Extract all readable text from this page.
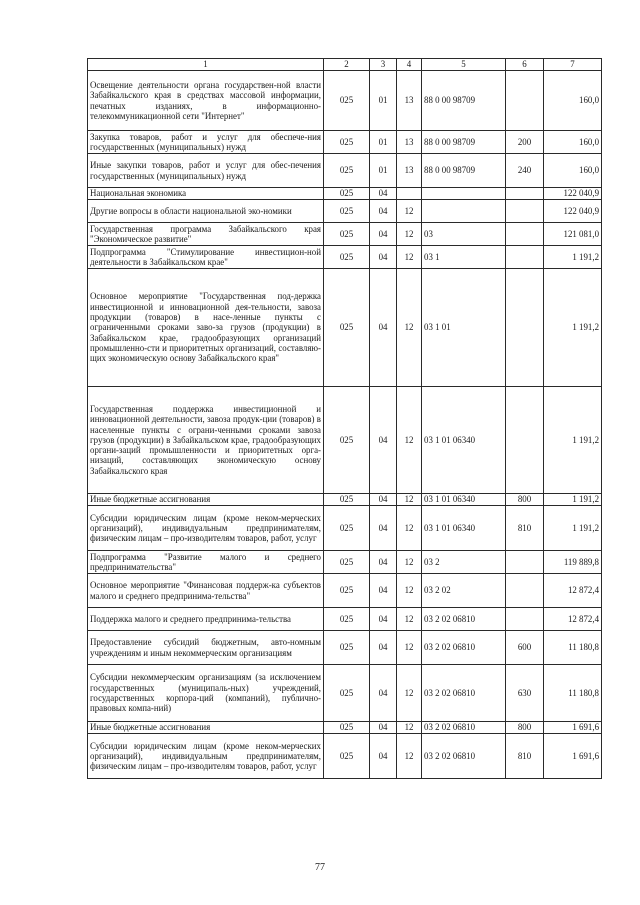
1	2	3	4	5	6	7
Освещение деятельности органа государствен-ной власти Забайкальского края в средствах массовой информации, печатных изданиях, в информационно-телекоммуникационной сети "Интернет"	025	01	13	88 0 00 98709		160,0
Закупка товаров, работ и услуг для обеспече-ния государственных (муниципальных) нужд	025	01	13	88 0 00 98709	200	160,0
Иные закупки товаров, работ и услуг для обес-печения государственных (муниципальных) нужд	025	01	13	88 0 00 98709	240	160,0
Национальная экономика	025	04				122 040,9
Другие вопросы в области национальной эко-номики	025	04	12			122 040,9
Государственная программа Забайкальского края "Экономическое развитие"	025	04	12	03		121 081,0
Подпрограмма "Стимулирование инвестицион-ной деятельности в Забайкальском крае"	025	04	12	03 1		1 191,2
Основное мероприятие "Государственная под-держка инвестиционной и инновационной дея-тельности, завоза продукции (товаров) в насе-ленные пункты с ограниченными сроками заво-за грузов (продукции) в Забайкальском крае, градообразующих организаций промышленно-сти и приоритетных организаций, составляю-щих экономическую основу Забайкальского края"	025	04	12	03 1 01		1 191,2
Государственная поддержка инвестиционной и инновационной деятельности, завоза продук-ции (товаров) в населенные пункты с ограни-ченными сроками завоза грузов (продукции) в Забайкальском крае, градообразующих органи-заций промышленности и приоритетных орга-низаций, составляющих экономическую основу Забайкальского края	025	04	12	03 1 01 06340		1 191,2
Иные бюджетные ассигнования	025	04	12	03 1 01 06340	800	1 191,2
Субсидии юридическим лицам (кроме неком-мерческих организаций), индивидуальным предпринимателям, физическим лицам – про-изводителям товаров, работ, услуг	025	04	12	03 1 01 06340	810	1 191,2
Подпрограмма "Развитие малого и среднего предпринимательства"	025	04	12	03 2		119 889,8
Основное мероприятие "Финансовая поддерж-ка субъектов малого и среднего предпринима-тельства"	025	04	12	03 2 02		12 872,4
Поддержка малого и среднего предпринима-тельства	025	04	12	03 2 02 06810		12 872,4
Предоставление субсидий бюджетным, авто-номным учреждениям и иным некоммерческим организациям	025	04	12	03 2 02 06810	600	11 180,8
Субсидии некоммерческим организациям (за исключением государственных (муниципаль-ных) учреждений, государственных корпора-ций (компаний), публично-правовых компа-ний)	025	04	12	03 2 02 06810	630	11 180,8
Иные бюджетные ассигнования	025	04	12	03 2 02 06810	800	1 691,6
Субсидии юридическим лицам (кроме неком-мерческих организаций), индивидуальным предпринимателям, физическим лицам – про-изводителям товаров, работ, услуг	025	04	12	03 2 02 06810	810	1 691,6
77
